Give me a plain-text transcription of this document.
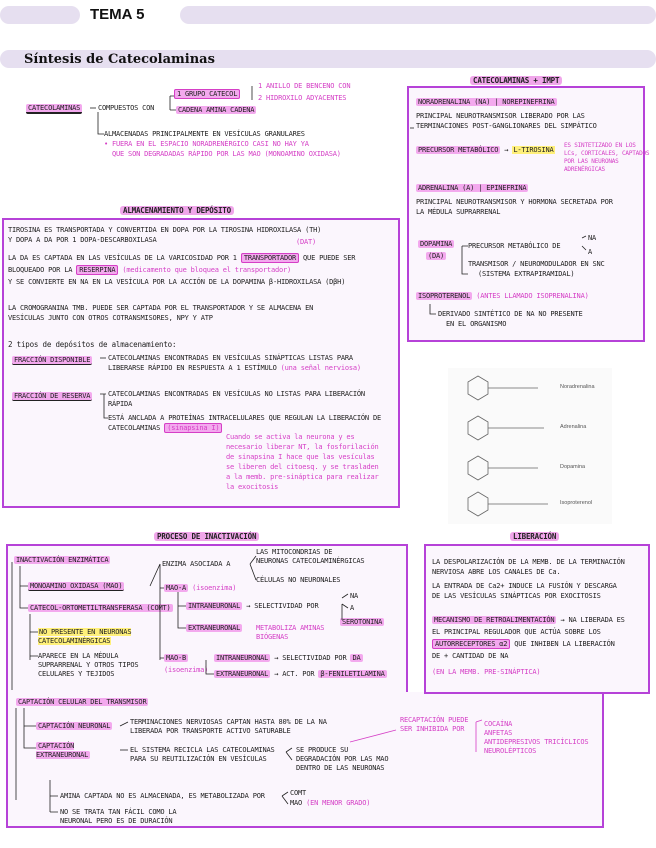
TEMA 5
Síntesis de Catecolaminas
CATECOLAMINAS	COMPUESTOS CON
1 GRUPO CATECOL
CADENA AMINA CADENA
1 ANILLO DE BENCENO CON
2 HIDROXILO ADYACENTES
ALMACENADAS PRINCIPALMENTE EN VESÍCULAS GRANULARES
• FUERA EN EL ESPACIO NORADRENÉRGICO CASI NO HAY YA
QUE SON DEGRADADAS RÁPIDO POR LAS MAO (MONOAMINO OXIDASA)
CATECOLAMINAS + IMPT
NORADRENALINA (NA) | NOREPINEFRINA
PRINCIPAL NEUROTRANSMISOR LIBERADO POR LAS
TERMINACIONES POST-GANGLIONARES DEL SIMPÁTICO
PRECURSOR METABÓLICO → L-TIROSINA
ES SINTETIZADO EN LOS
LCs, CORTICALES, CAPTADOS
POR LAS NEURONAS
ADRENÉRGICAS
ADRENALINA (A) | EPINEFRINA
PRINCIPAL NEUROTRANSMISOR Y HORMONA SECRETADA POR
LA MÉDULA SUPRARRENAL
DOPAMINA
(DA)
PRECURSOR METABÓLICO DE
NA
A
TRANSMISOR / NEUROMODULADOR EN SNC
(SISTEMA EXTRAPIRAMIDAL)
ISOPROTERENOL (ANTES LLAMADO ISOPRENALINA)
DERIVADO SINTÉTICO DE NA NO PRESENTE
EN EL ORGANISMO
Noradrenalina
Adrenalina
Dopamina
Isoproterenol
ALMACENAMIENTO Y DEPÓSITO
TIROSINA ES TRANSPORTADA Y CONVERTIDA EN DOPA POR LA TIROSINA HIDROXILASA (TH)
Y DOPA A DA POR 1 DOPA-DESCARBOXILASA	(DAT)
LA DA ES CAPTADA EN LAS VESÍCULAS DE LA VARICOSIDAD POR 1 TRANSPORTADOR QUE PUEDE SER
BLOQUEADO POR LA RESERPINA (medicamento que bloquea el transportador)
Y SE CONVIERTE EN NA EN LA VESÍCULA POR LA ACCIÓN DE LA DOPAMINA β-HIDROXILASA (DβH)
LA CROMOGRANINA TMB. PUEDE SER CAPTADA POR EL TRANSPORTADOR Y SE ALMACENA EN
VESÍCULAS JUNTO CON OTROS COTRANSMISORES, NPY Y ATP
2 tipos de depósitos de almacenamiento:
FRACCIÓN DISPONIBLE	CATECOLAMINAS ENCONTRADAS EN VESÍCULAS SINÁPTICAS LISTAS PARA
LIBERARSE RÁPIDO EN RESPUESTA A 1 ESTÍMULO (una señal nerviosa)
FRACCIÓN DE RESERVA	CATECOLAMINAS ENCONTRADAS EN VESÍCULAS NO LISTAS PARA LIBERACIÓN
RÁPIDA
ESTÁ ANCLADA A PROTEÍNAS INTRACELULARES QUE REGULAN LA LIBERACIÓN DE
CATECOLAMINAS (sinapsina I)
Cuando se activa la neurona y es
necesario liberar NT, la fosforilación
de sinapsina I hace que las vesículas
se liberen del citoesq. y se trasladen
a la memb. pre-sináptica para realizar
la exocitosis
PROCESO DE INACTIVACIÓN
INACTIVACIÓN ENZIMÁTICA
MONOAMINO OXIDASA (MAO)
CATECOL-ORTOMETILTRANSFERASA (COMT)
NO PRESENTE EN NEURONAS CATECOLAMINÉRGICAS
APARECE EN LA MÉDULA SUPRARRENAL Y OTROS TIPOS CELULARES Y TEJIDOS
ENZIMA ASOCIADA A
LAS MITOCONDRIAS DE NEURONAS CATECOLAMINÉRGICAS
CÉLULAS NO NEURONALES
MAO-A (isoenzima)
INTRANEURONAL → SELECTIVIDAD POR
NA
A
SEROTONINA
EXTRANEURONAL METABOLIZA AMINAS BIÓGENAS
MAO-B
(isoenzima)
INTRANEURONAL → SELECTIVIDAD POR DA
EXTRANEURONAL → ACT. POR β-FENILETILAMINA
CAPTACIÓN CELULAR DEL TRANSMISOR
CAPTACIÓN NEURONAL	TERMINACIONES NERVIOSAS CAPTAN HASTA 80% DE LA NA LIBERADA POR TRANSPORTE ACTIVO SATURABLE
CAPTACIÓN EXTRANEURONAL
EL SISTEMA RECICLA LAS CATECOLAMINAS PARA SU REUTILIZACIÓN EN VESÍCULAS
SE PRODUCE SU DEGRADACIÓN POR LAS MAO DENTRO DE LAS NEURONAS
RECAPTACIÓN PUEDE SER INHIBIDA POR
COCAÍNA
ANFETAS
ANTIDEPRESIVOS TRICÍCLICOS
NEUROLÉPTICOS
AMINA CAPTADA NO ES ALMACENADA, ES METABOLIZADA POR	COMT
MAO (EN MENOR GRADO)
NO SE TRATA TAN FÁCIL COMO LA NEURONAL PERO ES DE DURACIÓN
LIBERACIÓN
LA DESPOLARIZACIÓN DE LA MEMB. DE LA TERMINACIÓN
NERVIOSA ABRE LOS CANALES DE Ca.
LA ENTRADA DE Ca2+ INDUCE LA FUSIÓN Y DESCARGA
DE LAS VESÍCULAS SINÁPTICAS POR EXOCITOSIS
MECANISMO DE RETROALIMENTACIÓN → NA LIBERADA ES
EL PRINCIPAL REGULADOR QUE ACTÚA SOBRE LOS
AUTORRECEPTORES α2 QUE INHIBEN LA LIBERACIÓN
DE + CANTIDAD DE NA
(EN LA MEMB. PRE-SINÁPTICA)
